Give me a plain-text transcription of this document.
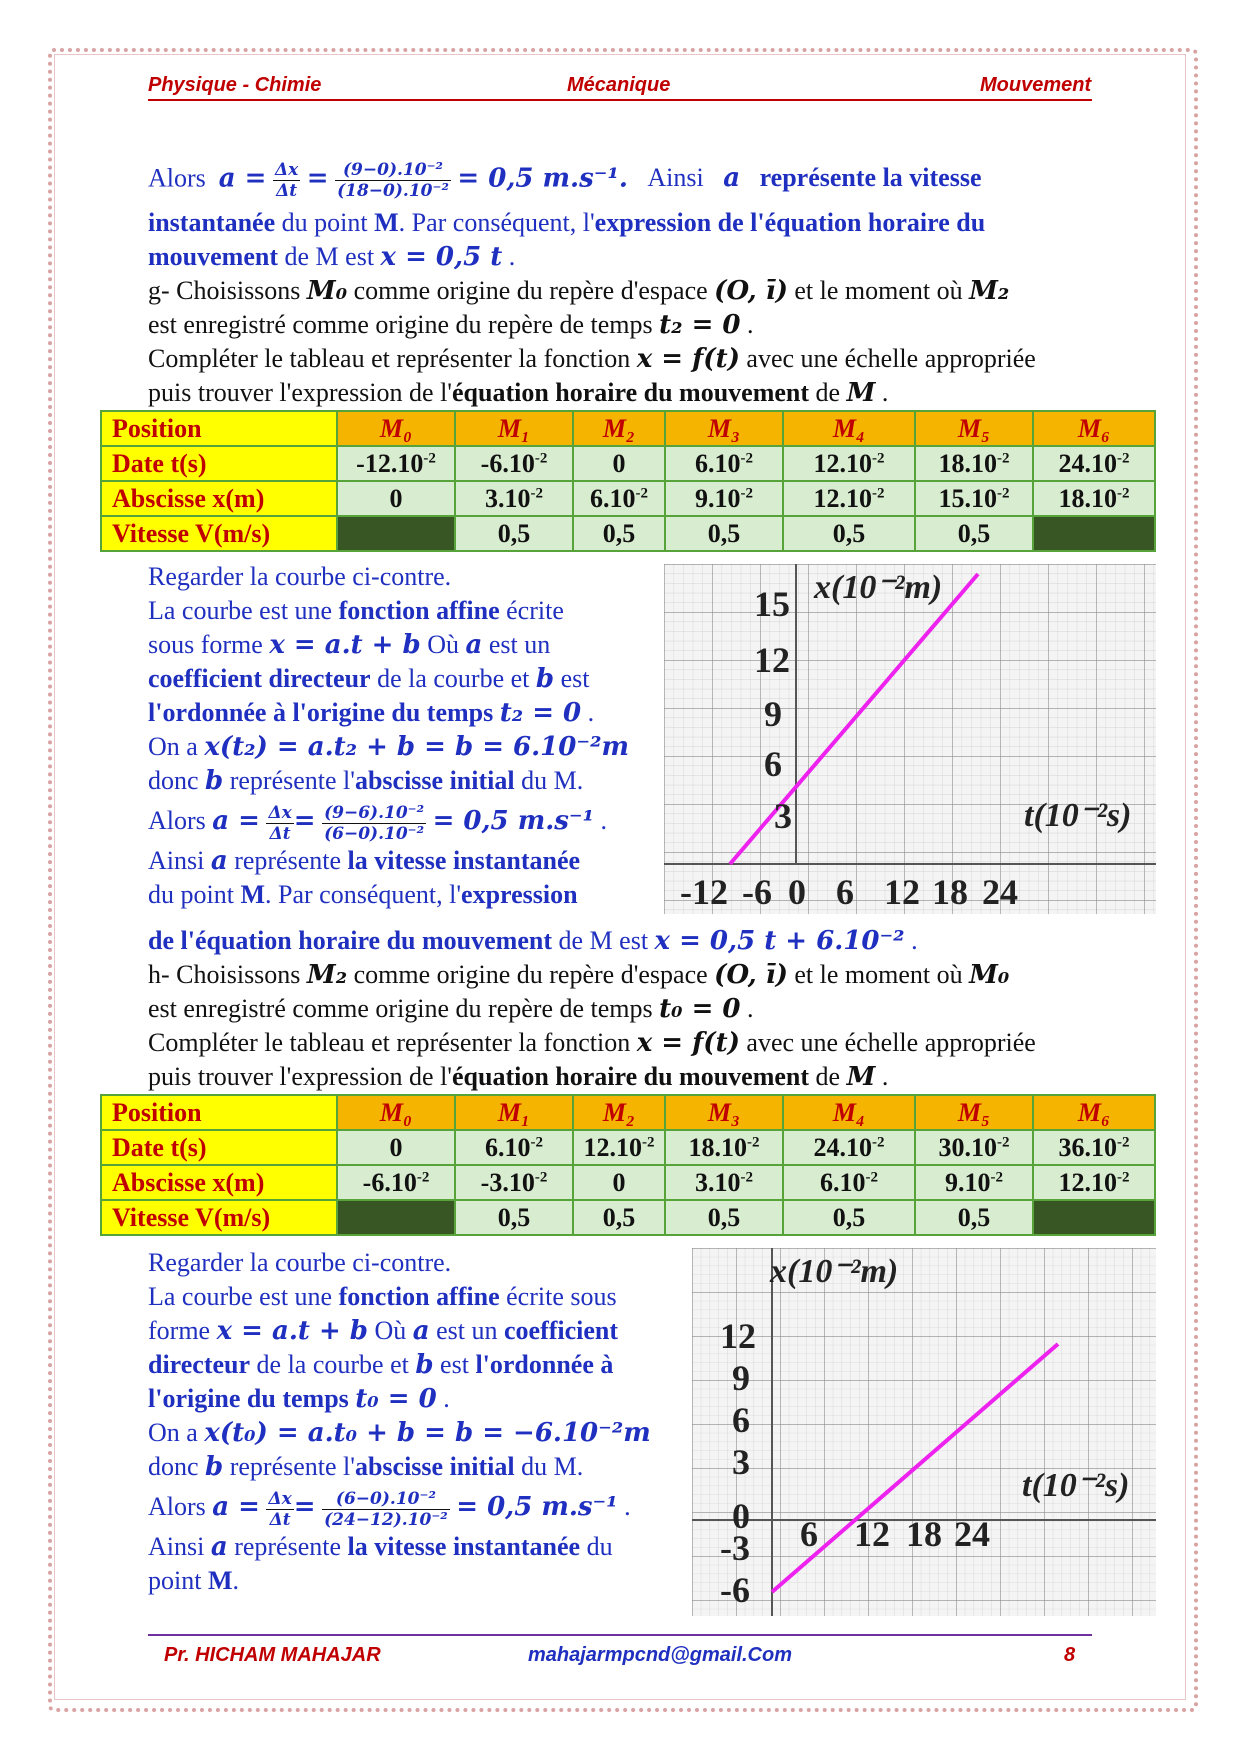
Physique - Chimie	Mécanique	Mouvement
Alors $a = \frac{\Delta x}{\Delta t} = \frac{\text{(9−0).10⁻²}}{\text{(18−0).10⁻²}} = 0,5$ m.s⁻¹. Ainsi a représente la vitesse
instantanée du point M. Par conséquent, l'expression de l'équation horaire du
mouvement de M est x = 0,5 t .
g- Choisissons M₀ comme origine du repère d'espace (O, ī) et le moment où M₂
est enregistré comme origine du repère de temps t₂ = 0 .
Compléter le tableau et représenter la fonction x = f(t) avec une échelle appropriée
puis trouver l'expression de l'équation horaire du mouvement de M .
Position	M₀	M₁	M₂	M₃	M₄	M₅	M₆
Date t(s)	$-12.10^{-2}$	$-6.10^{-2}$	0	$6.10^{-2}$	$12.10^{-2}$	$18.10^{-2}$	$24.10^{-2}$
Abscisse x(m)	0	$3.10^{-2}$	$6.10^{-2}$	$9.10^{-2}$	$12.10^{-2}$	$15.10^{-2}$	$18.10^{-2}$
Vitesse V(m/s)		0,5	0,5	0,5	0,5	0,5	
Regarder la courbe ci-contre.
La courbe est une fonction affine écrite
sous forme x = a.t + b Où a est un
coefficient directeur de la courbe et b est
l'ordonnée à l'origine du temps t₂ = 0 .
On a x(t₂) = a.t₂ + b = b = 6.10⁻²m
donc b représente l'abscisse initial du M.
Alors $a = \frac{\Delta x}{\Delta t} = \frac{\text{(9−6).10⁻²}}{\text{(6−0).10⁻²}} = 0,5$ m.s⁻¹ .
Ainsi a représente la vitesse instantanée
du point M. Par conséquent, l'expression
de l'équation horaire du mouvement de M est x = 0,5 t + 6.10⁻² .
x(10⁻²m)
t(10⁻²s)
15
12
9
6
3
-12 -6 0 6 12 18 24
h- Choisissons M₂ comme origine du repère d'espace (O, ī) et le moment où M₀
est enregistré comme origine du repère de temps t₀ = 0 .
Compléter le tableau et représenter la fonction x = f(t) avec une échelle appropriée
puis trouver l'expression de l'équation horaire du mouvement de M .
Position	M₀	M₁	M₂	M₃	M₄	M₅	M₆
Date t(s)	0	$6.10^{-2}$	$12.10^{-2}$	$18.10^{-2}$	$24.10^{-2}$	$30.10^{-2}$	$36.10^{-2}$
Abscisse x(m)	$-6.10^{-2}$	$-3.10^{-2}$	0	$3.10^{-2}$	$6.10^{-2}$	$9.10^{-2}$	$12.10^{-2}$
Vitesse V(m/s)		0,5	0,5	0,5	0,5	0,5	
Regarder la courbe ci-contre.
La courbe est une fonction affine écrite sous
forme x = a.t + b Où a est un coefficient
directeur de la courbe et b est l'ordonnée à
l'origine du temps t₀ = 0 .
On a x(t₀) = a.t₀ + b = b = −6.10⁻²m
donc b représente l'abscisse initial du M.
Alors $a = \frac{\Delta x}{\Delta t} = \frac{\text{(6−0).10⁻²}}{\text{(24−12).10⁻²}} = 0,5$ m.s⁻¹ .
Ainsi a représente la vitesse instantanée du
point M.
x(10⁻²m)
t(10⁻²s)
12
9
6
3
0
-3
-6
6 12 18 24
Pr. HICHAM MAHAJAR	mahajarmpcnd@gmail.Com	8
